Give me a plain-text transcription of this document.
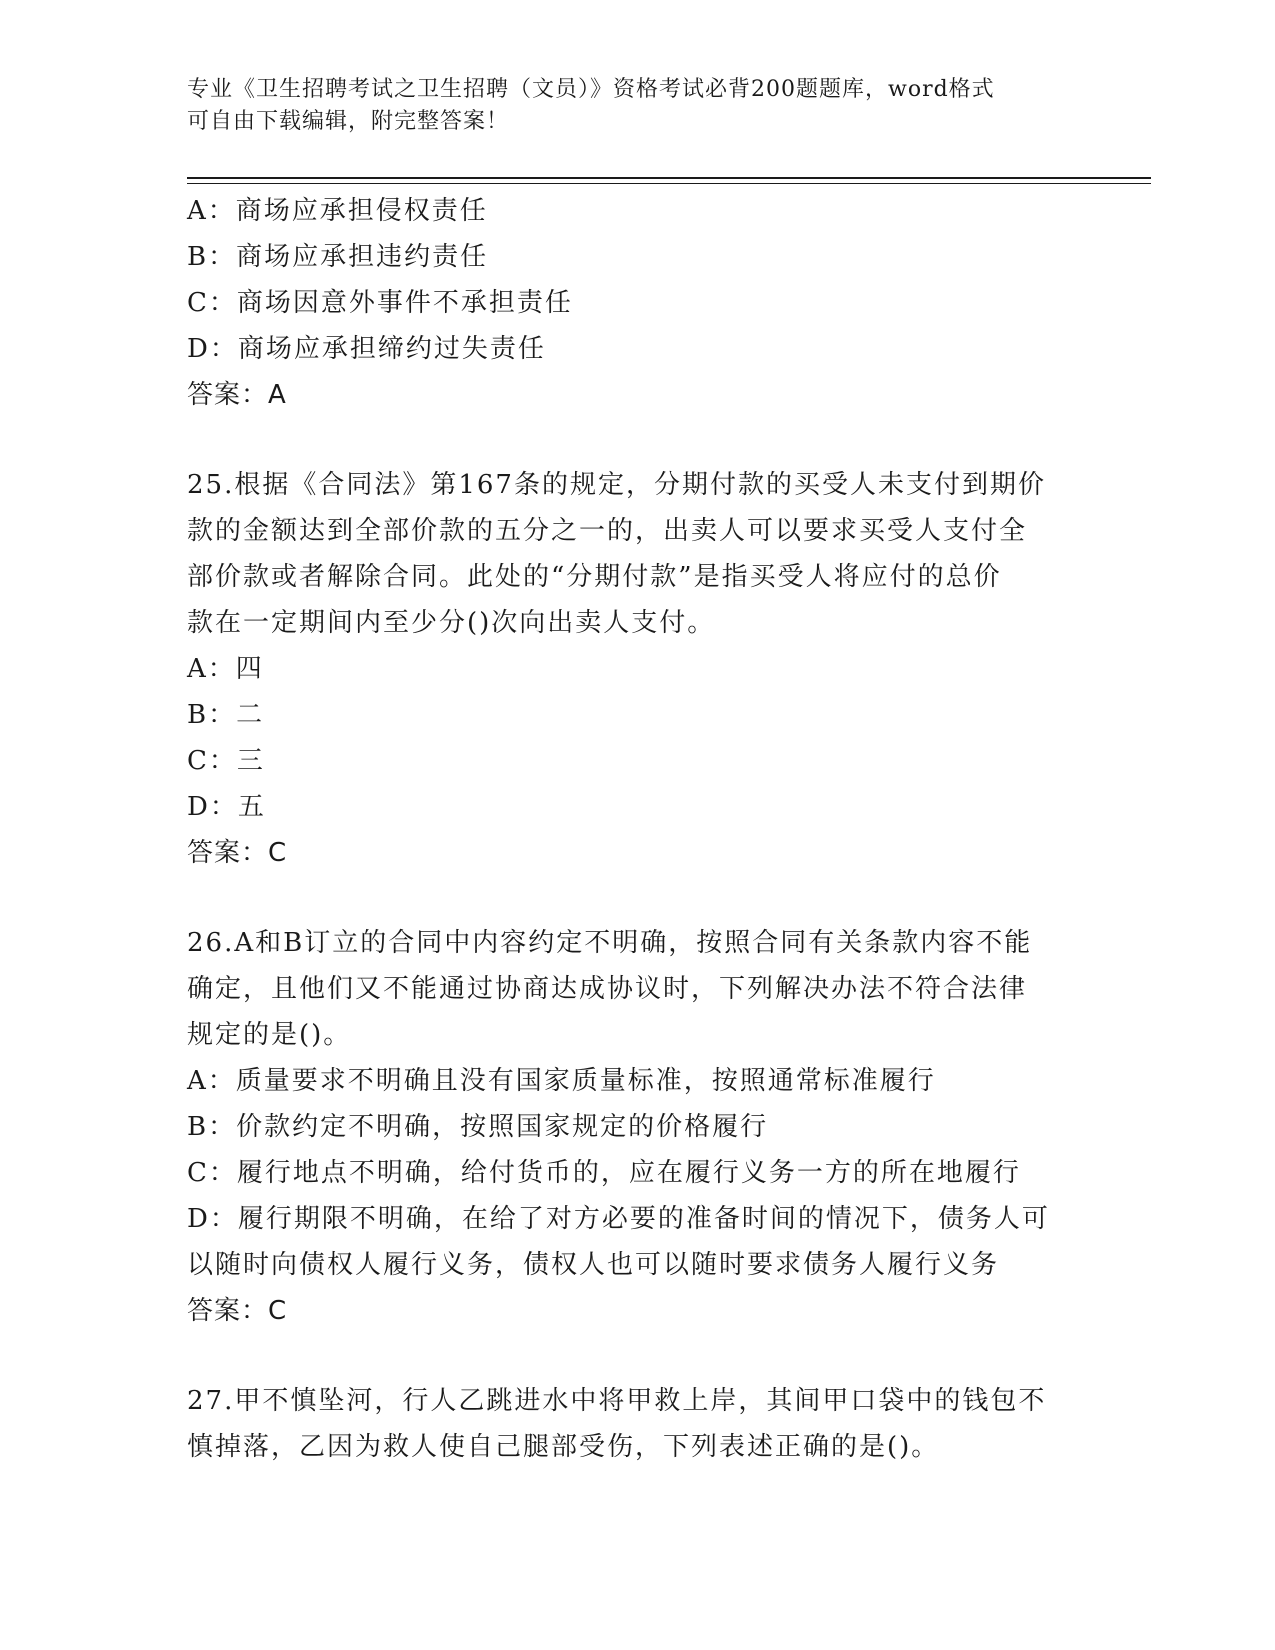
专业《卫生招聘考试之卫生招聘（文员）》资格考试必背200题题库，word格式
可自由下载编辑，附完整答案！
A：商场应承担侵权责任
B：商场应承担违约责任
C：商场因意外事件不承担责任
D：商场应承担缔约过失责任
答案：A
25.根据《合同法》第167条的规定，分期付款的买受人未支付到期价
款的金额达到全部价款的五分之一的，出卖人可以要求买受人支付全
部价款或者解除合同。此处的“分期付款”是指买受人将应付的总价
款在一定期间内至少分()次向出卖人支付。
A：四
B：二
C：三
D：五
答案：C
26.A和B订立的合同中内容约定不明确，按照合同有关条款内容不能
确定，且他们又不能通过协商达成协议时，下列解决办法不符合法律
规定的是()。
A：质量要求不明确且没有国家质量标准，按照通常标准履行
B：价款约定不明确，按照国家规定的价格履行
C：履行地点不明确，给付货币的，应在履行义务一方的所在地履行
D：履行期限不明确，在给了对方必要的准备时间的情况下，债务人可
以随时向债权人履行义务，债权人也可以随时要求债务人履行义务
答案：C
27.甲不慎坠河，行人乙跳进水中将甲救上岸，其间甲口袋中的钱包不
慎掉落，乙因为救人使自己腿部受伤，下列表述正确的是()。
